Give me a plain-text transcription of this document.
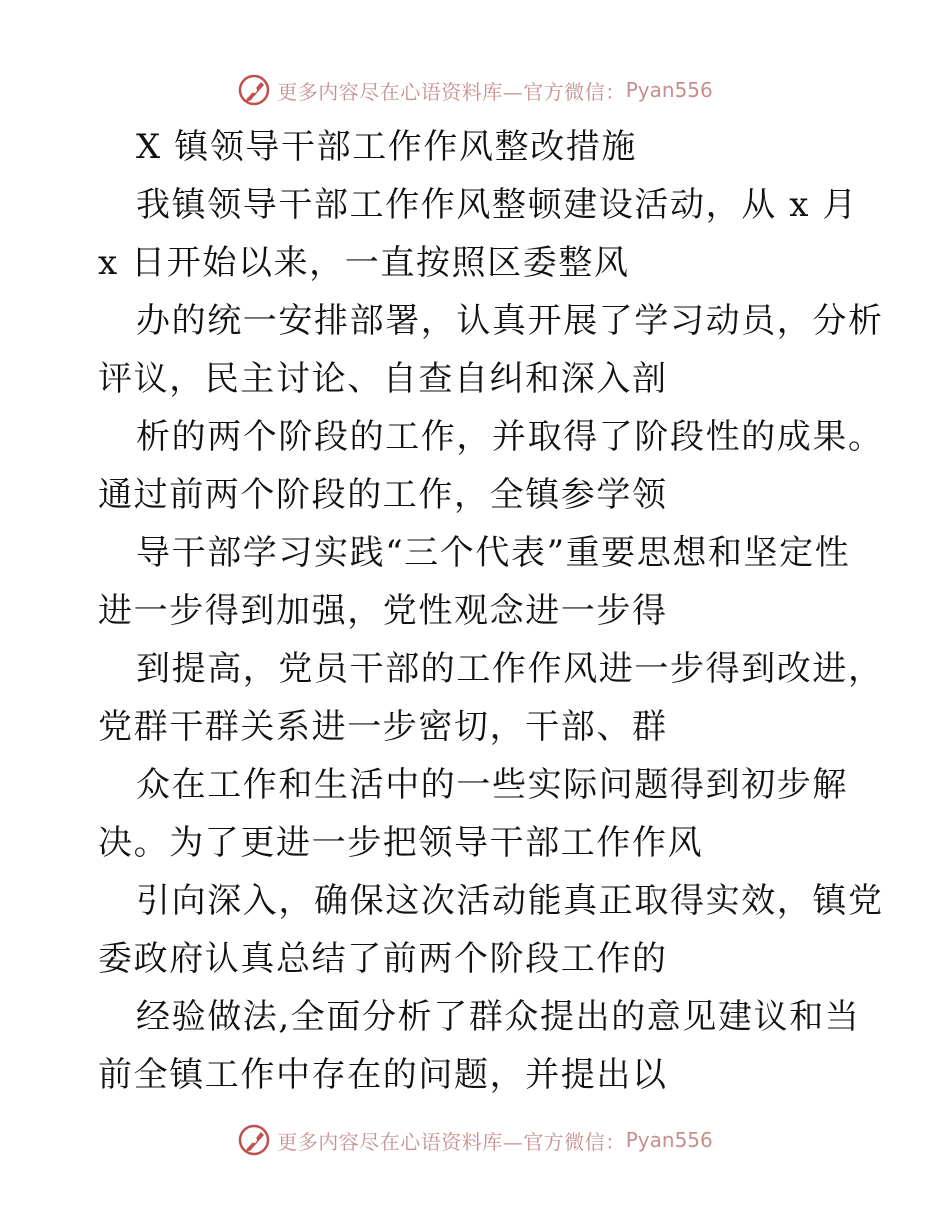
更多内容尽在心语资料库—官方微信： Pyan556
X 镇领导干部工作作风整改措施
我镇领导干部工作作风整顿建设活动，从 x 月
x 日开始以来，一直按照区委整风
办的统一安排部署，认真开展了学习动员，分析
评议，民主讨论、自查自纠和深入剖
析的两个阶段的工作，并取得了阶段性的成果。
通过前两个阶段的工作，全镇参学领
导干部学习实践“三个代表”重要思想和坚定性
进一步得到加强，党性观念进一步得
到提高，党员干部的工作作风进一步得到改进，
党群干群关系进一步密切，干部、群
众在工作和生活中的一些实际问题得到初步解
决。为了更进一步把领导干部工作作风
引向深入，确保这次活动能真正取得实效，镇党
委政府认真总结了前两个阶段工作的
经验做法,全面分析了群众提出的意见建议和当
前全镇工作中存在的问题，并提出以
更多内容尽在心语资料库—官方微信： Pyan556
